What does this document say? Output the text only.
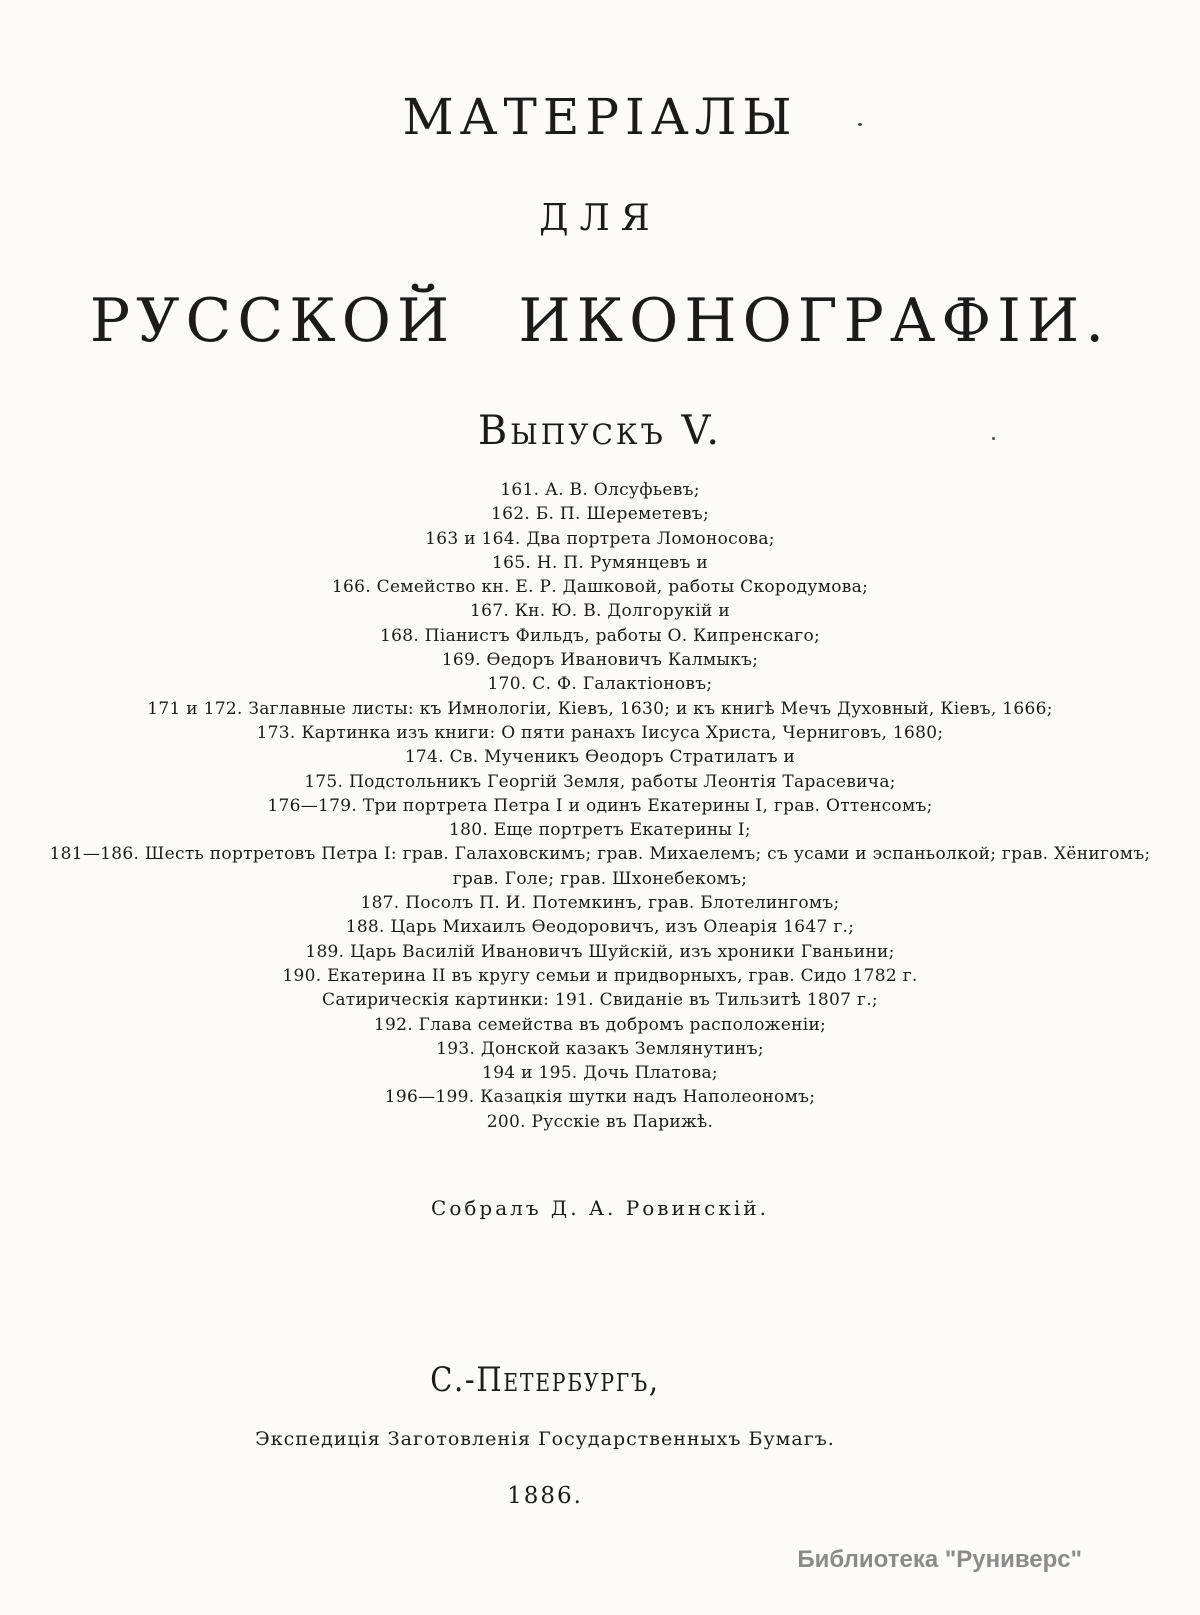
МАТЕРІАЛЫ
ДЛЯ
РУССКОЙ ИКОНОГРАФІИ.
Выпускъ V.
161. А. В. Олсуфьевъ;
162. Б. П. Шереметевъ;
163 и 164. Два портрета Ломоносова;
165. Н. П. Румянцевъ и
166. Семейство кн. Е. Р. Дашковой, работы Скородумова;
167. Кн. Ю. В. Долгорукій и
168. Піанистъ Фильдъ, работы О. Кипренскаго;
169. Ѳедоръ Ивановичъ Калмыкъ;
170. С. Ф. Галактіоновъ;
171 и 172. Заглавные листы: къ Имнологіи, Кіевъ, 1630; и къ книгѣ Мечъ Духовный, Кіевъ, 1666;
173. Картинка изъ книги: О пяти ранахъ Іисуса Христа, Черниговъ, 1680;
174. Св. Мученикъ Ѳеодоръ Стратилатъ и
175. Подстольникъ Георгій Земля, работы Леонтія Тарасевича;
176—179. Три портрета Петра I и одинъ Екатерины I, грав. Оттенсомъ;
180. Еще портретъ Екатерины I;
181—186. Шесть портретовъ Петра I: грав. Галаховскимъ; грав. Михаелемъ; съ усами и эспаньолкой; грав. Хёнигомъ;
грав. Голе; грав. Шхонебекомъ;
187. Посолъ П. И. Потемкинъ, грав. Блотелингомъ;
188. Царь Михаилъ Ѳеодоровичъ, изъ Олеарія 1647 г.;
189. Царь Василій Ивановичъ Шуйскій, изъ хроники Гваньини;
190. Екатерина II въ кругу семьи и придворныхъ, грав. Сидо 1782 г.
Сатирическія картинки: 191. Свиданіе въ Тильзитѣ 1807 г.;
192. Глава семейства въ добромъ расположеніи;
193. Донской казакъ Землянутинъ;
194 и 195. Дочь Платова;
196—199. Казацкія шутки надъ Наполеономъ;
200. Русскіе въ Парижѣ.
Собралъ Д. А. Ровинскій.
С.-Петербургъ,
Экспедиція Заготовленія Государственныхъ Бумагъ.
1886.
Библиотека "Руниверс"
